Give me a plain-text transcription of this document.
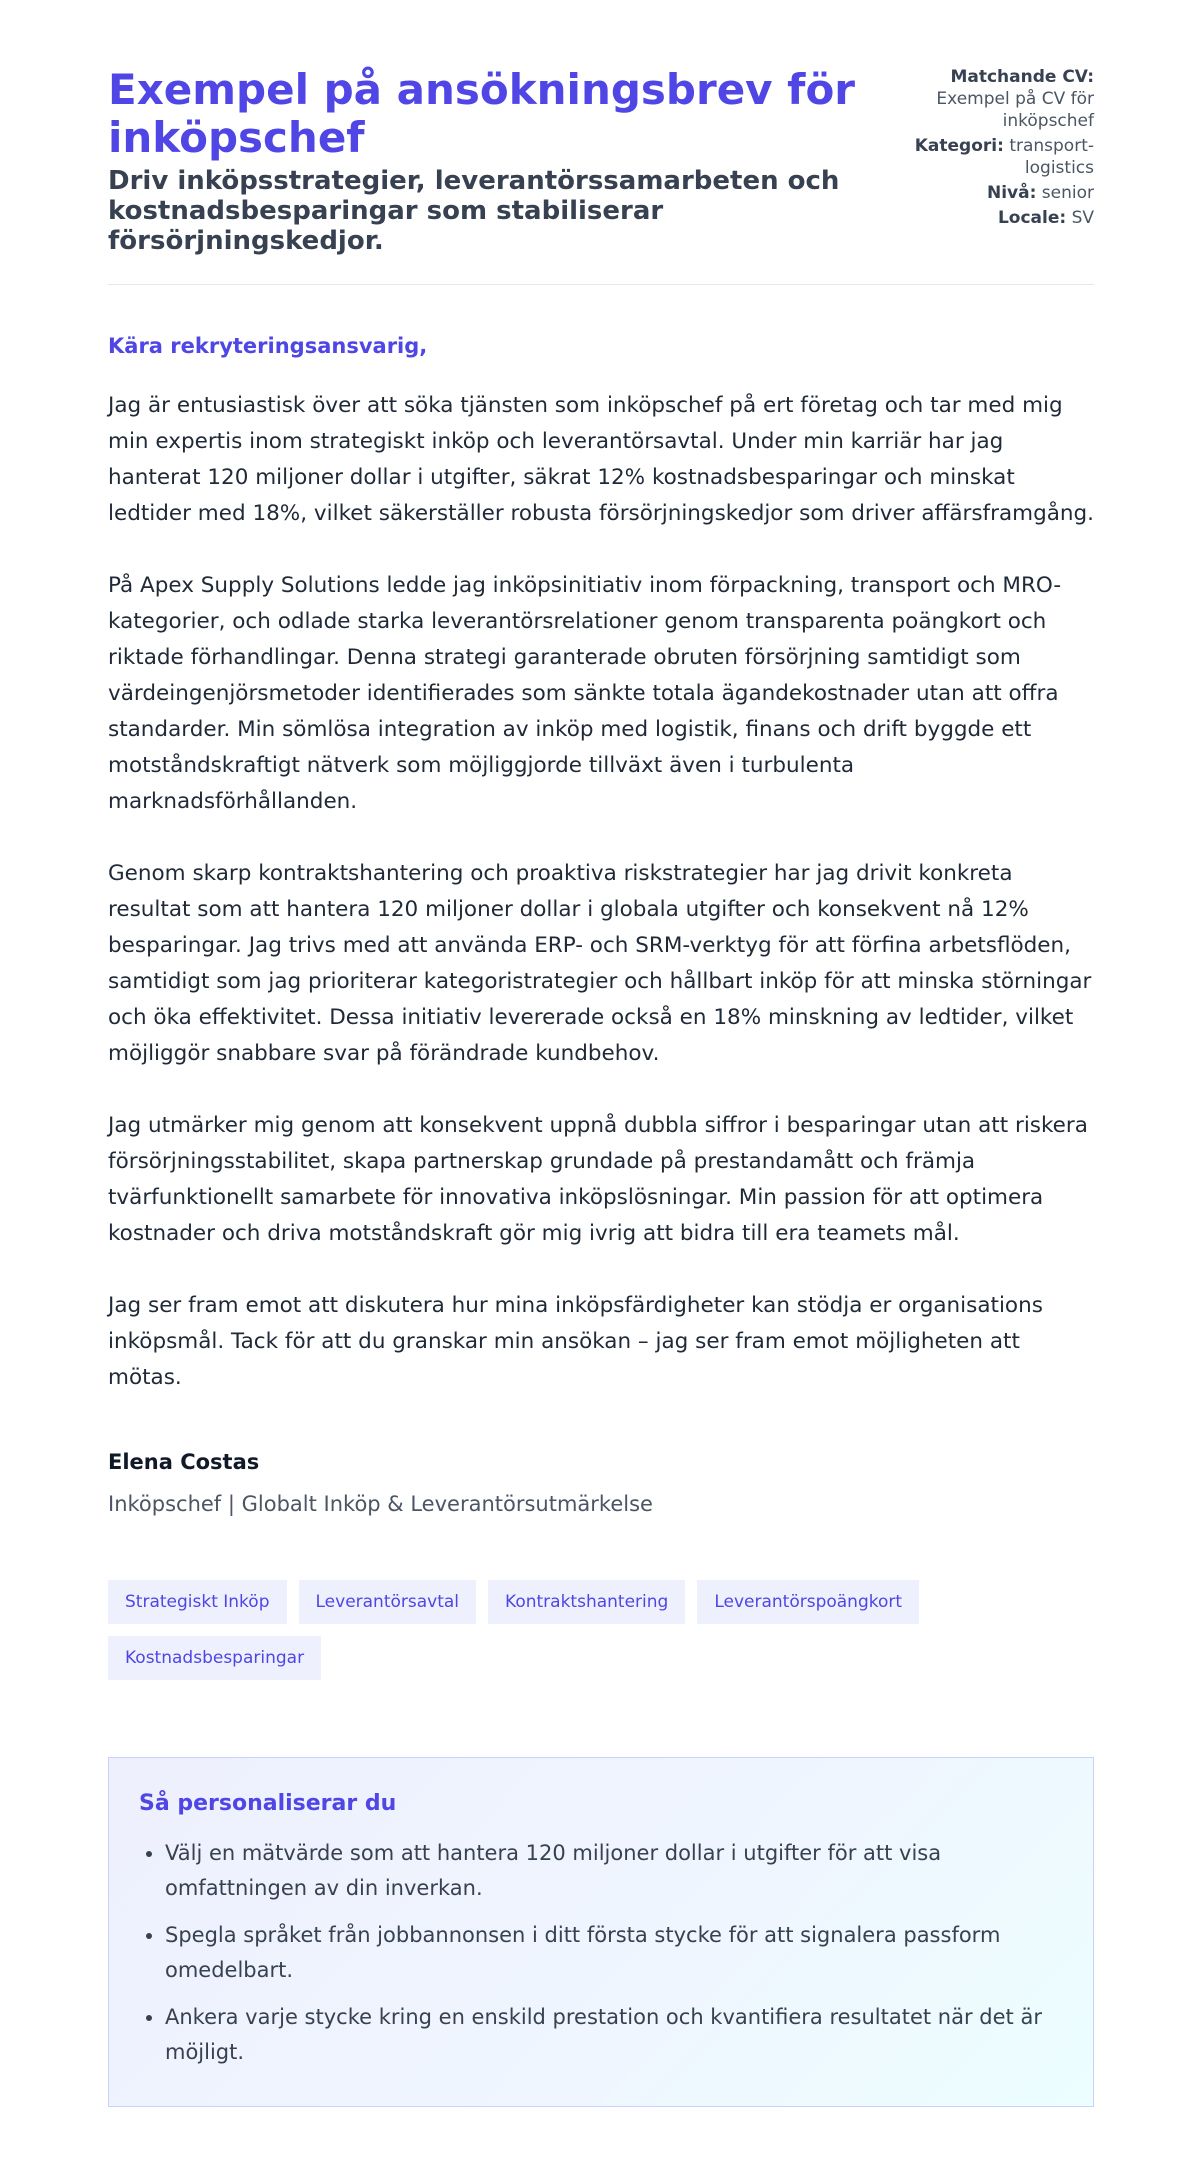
Exempel på ansökningsbrev för inköpschef
Driv inköpsstrategier, leverantörssamarbeten och kostnadsbesparingar som stabiliserar försörjningskedjor.
Matchande CV: Exempel på CV för inköpschef
Kategori: transport-logistics
Nivå: senior
Locale: SV

Kära rekryteringsansvarig,

Jag är entusiastisk över att söka tjänsten som inköpschef på ert företag och tar med mig min expertis inom strategiskt inköp och leverantörsavtal. Under min karriär har jag hanterat 120 miljoner dollar i utgifter, säkrat 12% kostnadsbesparingar och minskat ledtider med 18%, vilket säkerställer robusta försörjningskedjor som driver affärsframgång.

På Apex Supply Solutions ledde jag inköpsinitiativ inom förpackning, transport och MRO-kategorier, och odlade starka leverantörsrelationer genom transparenta poängkort och riktade förhandlingar. Denna strategi garanterade obruten försörjning samtidigt som värdeingenjörsmetoder identifierades som sänkte totala ägandekostnader utan att offra standarder. Min sömlösa integration av inköp med logistik, finans och drift byggde ett motståndskraftigt nätverk som möjliggjorde tillväxt även i turbulenta marknadsförhållanden.

Genom skarp kontraktshantering och proaktiva riskstrategier har jag drivit konkreta resultat som att hantera 120 miljoner dollar i globala utgifter och konsekvent nå 12% besparingar. Jag trivs med att använda ERP- och SRM-verktyg för att förfina arbetsflöden, samtidigt som jag prioriterar kategoristrategier och hållbart inköp för att minska störningar och öka effektivitet. Dessa initiativ levererade också en 18% minskning av ledtider, vilket möjliggör snabbare svar på förändrade kundbehov.

Jag utmärker mig genom att konsekvent uppnå dubbla siffror i besparingar utan att riskera försörjningsstabilitet, skapa partnerskap grundade på prestandamått och främja tvärfunktionellt samarbete för innovativa inköpslösningar. Min passion för att optimera kostnader och driva motståndskraft gör mig ivrig att bidra till era teamets mål.

Jag ser fram emot att diskutera hur mina inköpsfärdigheter kan stödja er organisations inköpsmål. Tack för att du granskar min ansökan – jag ser fram emot möjligheten att mötas.

Elena Costas

Inköpschef | Globalt Inköp & Leverantörsutmärkelse

Strategiskt Inköp	Leverantörsavtal	Kontraktshantering	Leverantörspoängkort
Kostnadsbesparingar
Så personaliserar du
• Välj en mätvärde som att hantera 120 miljoner dollar i utgifter för att visa omfattningen av din inverkan.
• Spegla språket från jobbannonsen i ditt första stycke för att signalera passform omedelbart.
• Ankera varje stycke kring en enskild prestation och kvantifiera resultatet när det är möjligt.
